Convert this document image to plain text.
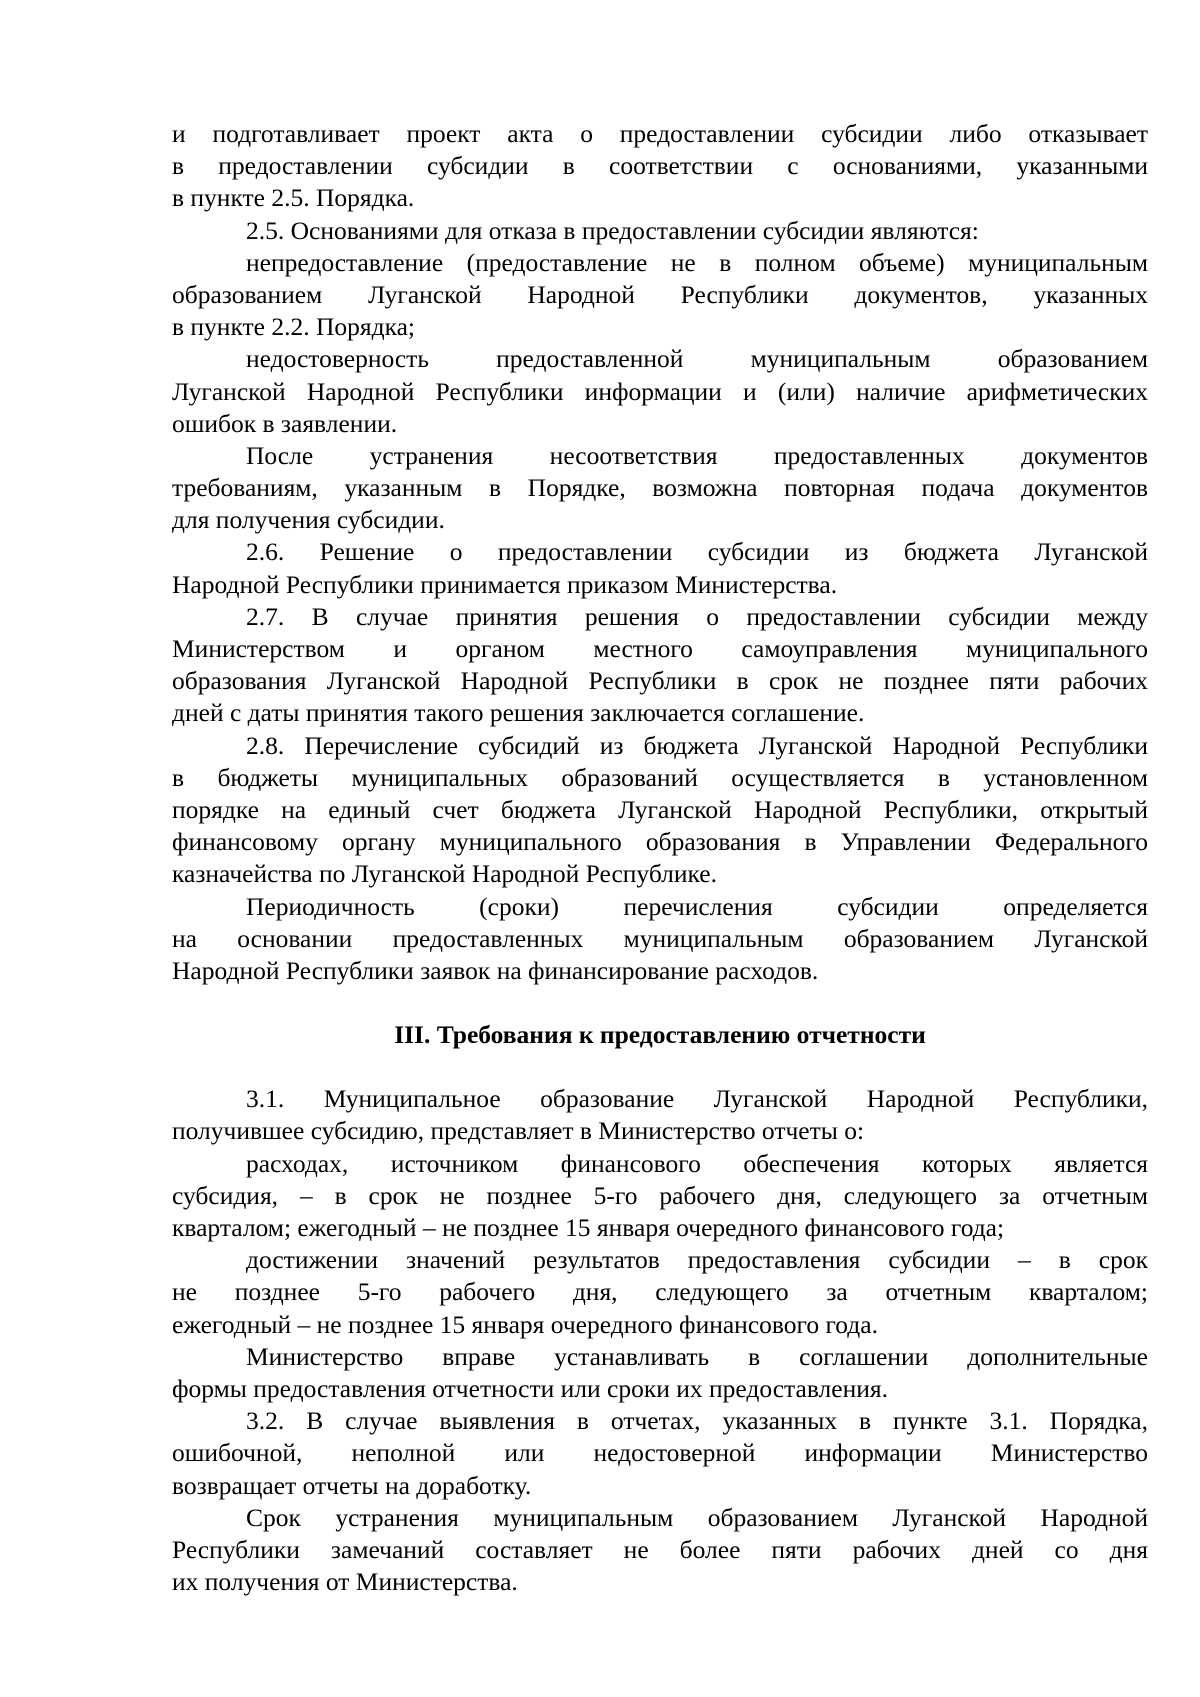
и подготавливает проект акта о предоставлении субсидии либо отказывает
в предоставлении субсидии в соответствии с основаниями, указанными
в пункте 2.5. Порядка.

2.5. Основаниями для отказа в предоставлении субсидии являются:

непредоставление (предоставление не в полном объеме) муниципальным
образованием Луганской Народной Республики документов, указанных
в пункте 2.2. Порядка;

недостоверность предоставленной муниципальным образованием
Луганской Народной Республики информации и (или) наличие арифметических
ошибок в заявлении.

После устранения несоответствия предоставленных документов
требованиям, указанным в Порядке, возможна повторная подача документов
для получения субсидии.

2.6. Решение о предоставлении субсидии из бюджета Луганской
Народной Республики принимается приказом Министерства.

2.7. В случае принятия решения о предоставлении субсидии между
Министерством и органом местного самоуправления муниципального
образования Луганской Народной Республики в срок не позднее пяти рабочих
дней с даты принятия такого решения заключается соглашение.

2.8. Перечисление субсидий из бюджета Луганской Народной Республики
в бюджеты муниципальных образований осуществляется в установленном
порядке на единый счет бюджета Луганской Народной Республики, открытый
финансовому органу муниципального образования в Управлении Федерального
казначейства по Луганской Народной Республике.

Периодичность (сроки) перечисления субсидии определяется
на основании предоставленных муниципальным образованием Луганской
Народной Республики заявок на финансирование расходов.

III. Требования к предоставлению отчетности

3.1. Муниципальное образование Луганской Народной Республики,
получившее субсидию, представляет в Министерство отчеты о:

расходах, источником финансового обеспечения которых является
субсидия, – в срок не позднее 5-го рабочего дня, следующего за отчетным
кварталом; ежегодный – не позднее 15 января очередного финансового года;

достижении значений результатов предоставления субсидии – в срок
не позднее 5-го рабочего дня, следующего за отчетным кварталом;
ежегодный – не позднее 15 января очередного финансового года.

Министерство вправе устанавливать в соглашении дополнительные
формы предоставления отчетности или сроки их предоставления.

3.2. В случае выявления в отчетах, указанных в пункте 3.1. Порядка,
ошибочной, неполной или недостоверной информации Министерство
возвращает отчеты на доработку.

Срок устранения муниципальным образованием Луганской Народной
Республики замечаний составляет не более пяти рабочих дней со дня
их получения от Министерства.
